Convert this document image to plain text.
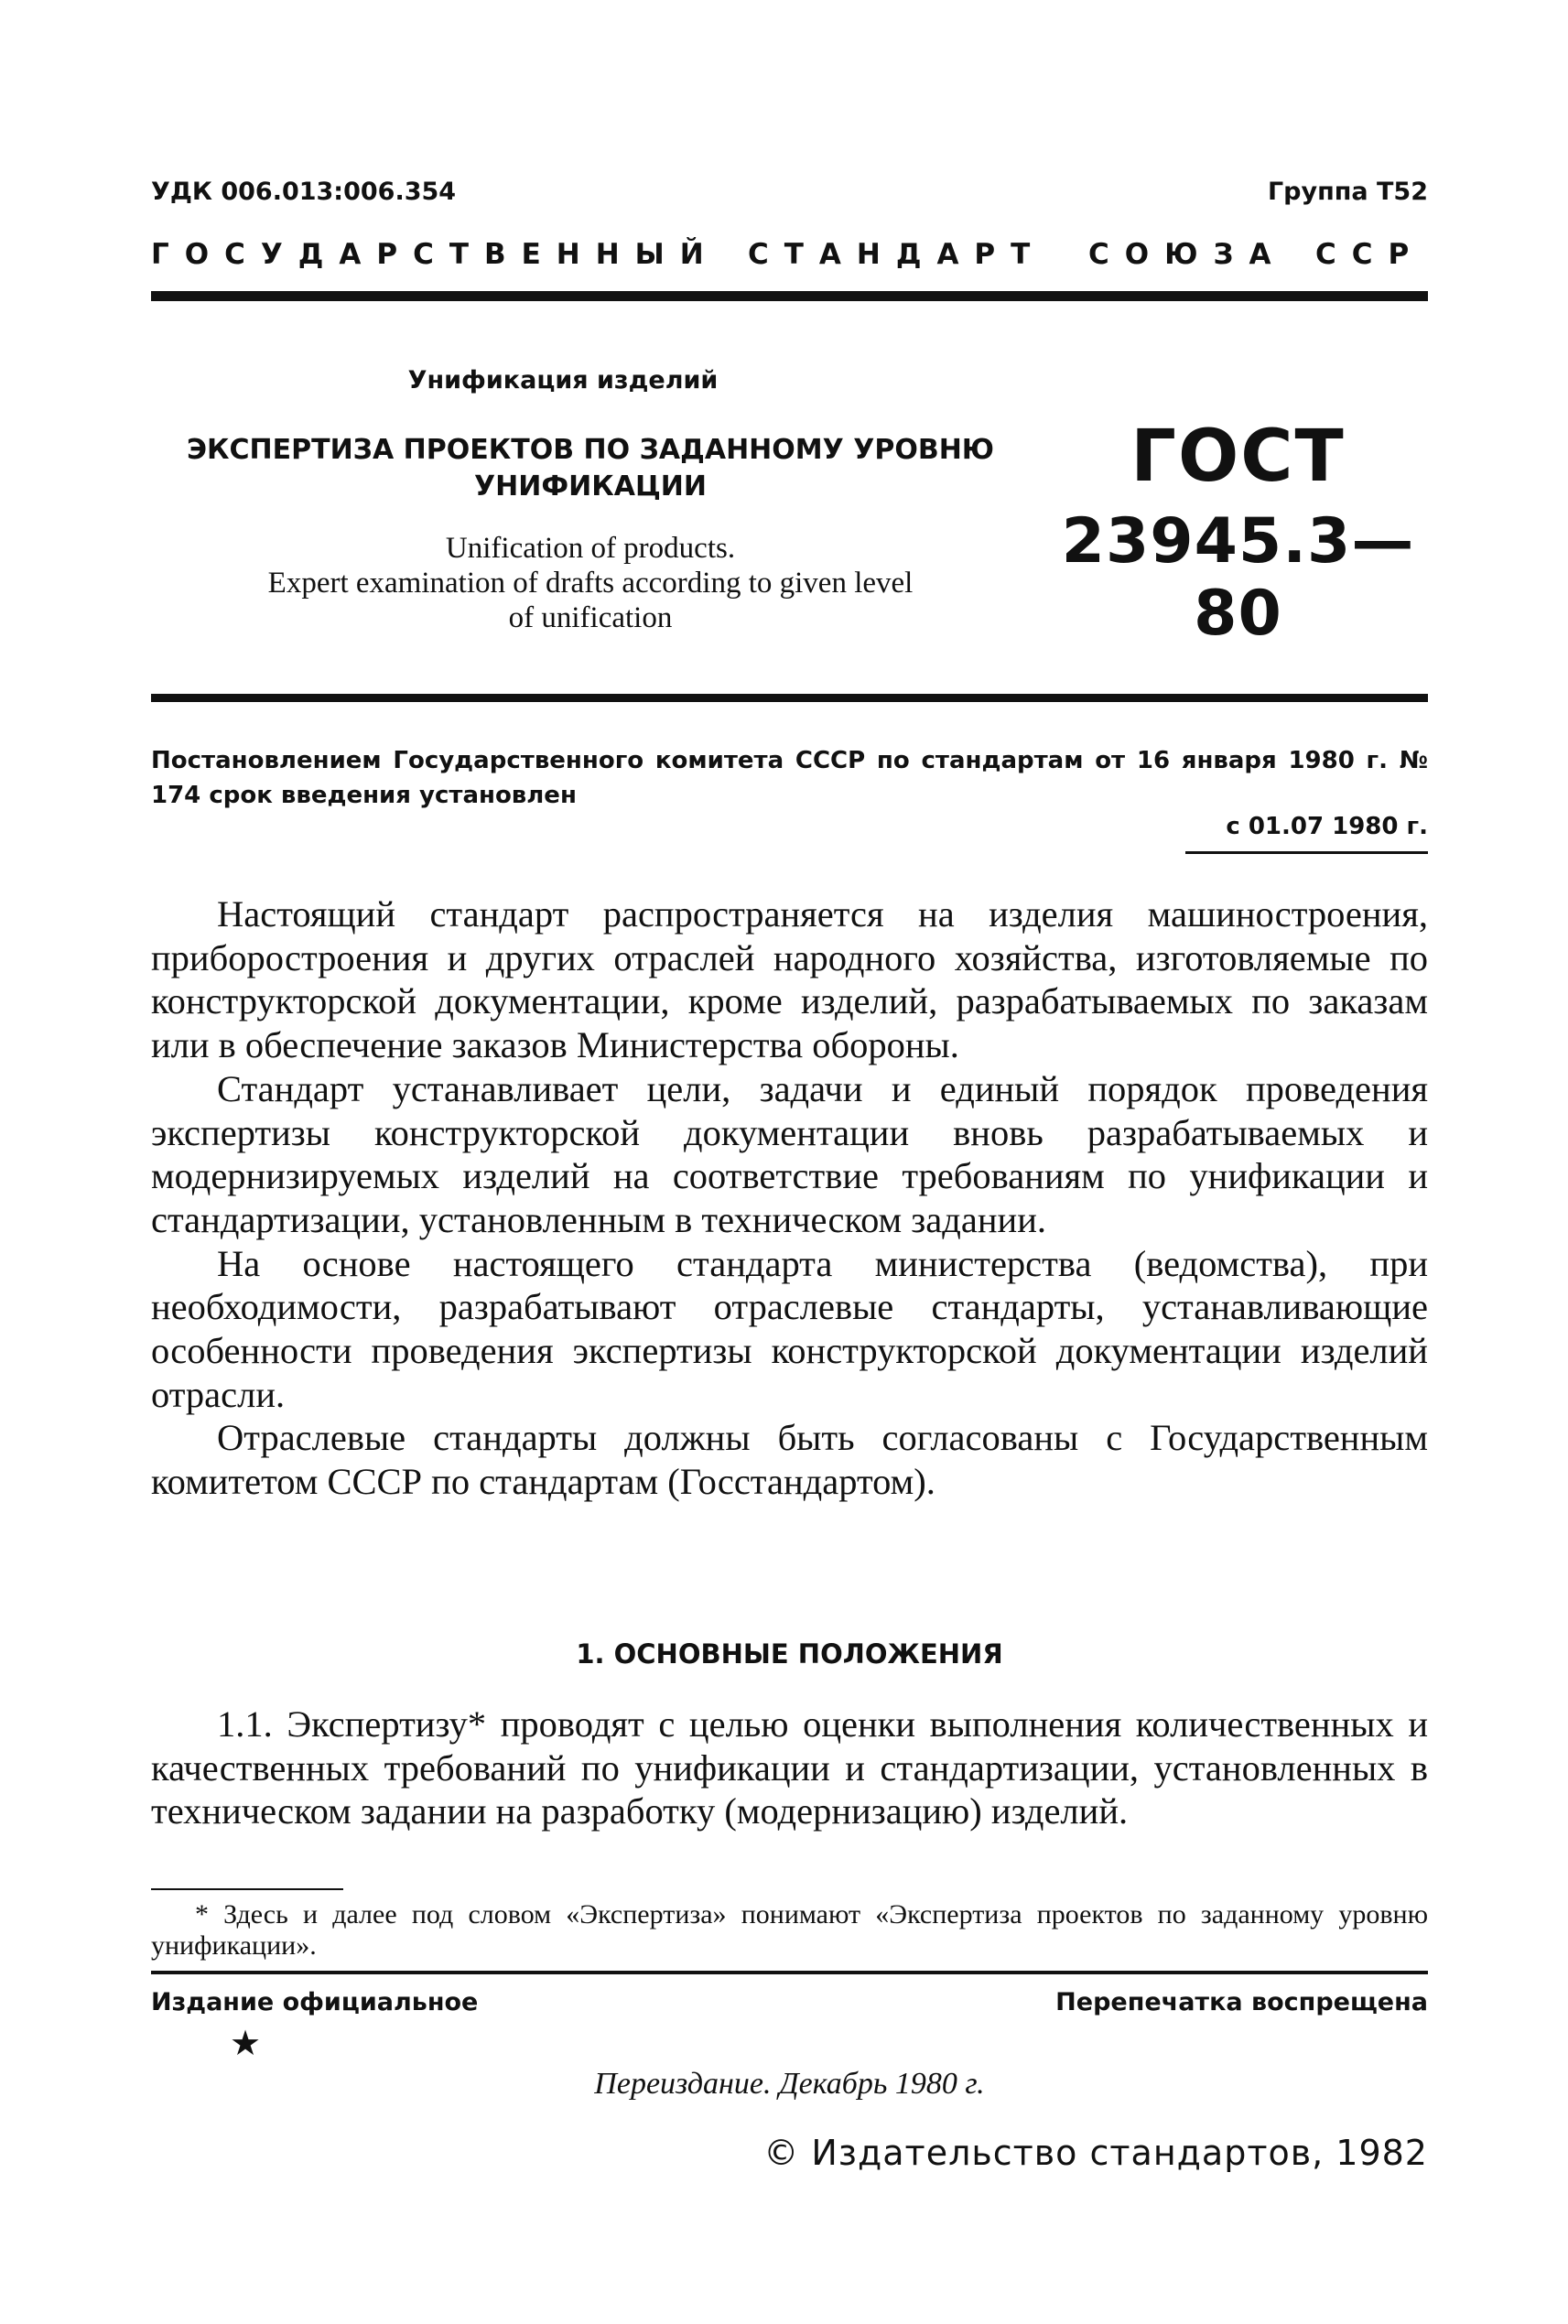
УДК 006.013:006.354	Группа Т52
ГОСУДАРСТВЕННЫЙ СТАНДАРТ СОЮЗА ССР
Унификация изделий
ЭКСПЕРТИЗА ПРОЕКТОВ ПО ЗАДАННОМУ УРОВНЮ
УНИФИКАЦИИ
Unification of products.
Expert examination of drafts according to given level
of unification
ГОСТ
23945.3—80
Постановлением Государственного комитета СССР по стандартам от 16 января 1980 г. № 174 срок введения установлен
с 01.07 1980 г.

Настоящий стандарт распространяется на изделия машиностроения, приборостроения и других отраслей народного хозяйства, изготовляемые по конструкторской документации, кроме изделий, разрабатываемых по заказам или в обеспечение заказов Министерства обороны.

Стандарт устанавливает цели, задачи и единый порядок проведения экспертизы конструкторской документации вновь разрабатываемых и модернизируемых изделий на соответствие требованиям по унификации и стандартизации, установленным в техническом задании.

На основе настоящего стандарта министерства (ведомства), при необходимости, разрабатывают отраслевые стандарты, устанавливающие особенности проведения экспертизы конструкторской документации изделий отрасли.

Отраслевые стандарты должны быть согласованы с Государственным комитетом СССР по стандартам (Госстандартом).

1. ОСНОВНЫЕ ПОЛОЖЕНИЯ

1.1. Экспертизу* проводят с целью оценки выполнения количественных и качественных требований по унификации и стандартизации, установленных в техническом задании на разработку (модернизацию) изделий.

* Здесь и далее под словом «Экспертиза» понимают «Экспертиза проектов по заданному уровню унификации».
Издание официальное	Перепечатка воспрещена
★
Переиздание. Декабрь 1980 г.
© Издательство стандартов, 1982
